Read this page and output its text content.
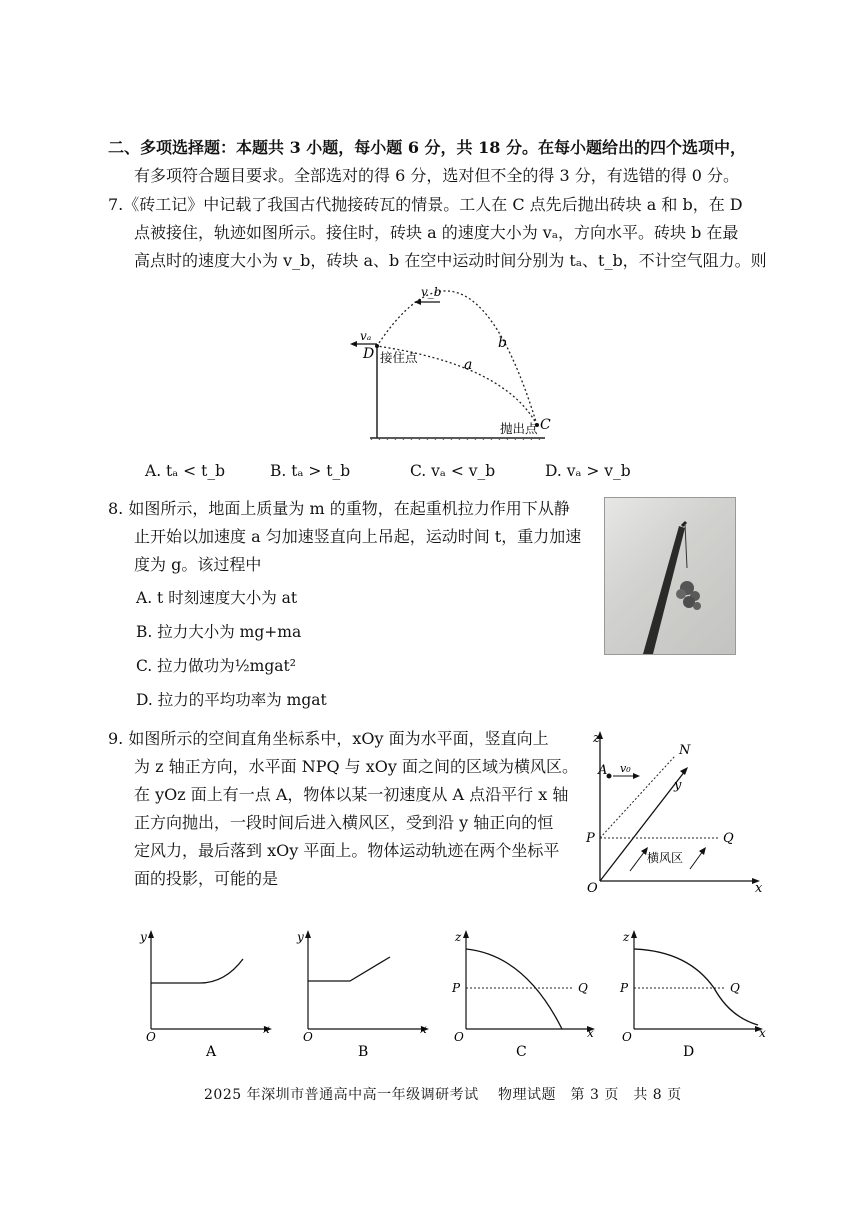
二、多项选择题：本题共 3 小题，每小题 6 分，共 18 分。在每小题给出的四个选项中，
有多项符合题目要求。全部选对的得 6 分，选对但不全的得 3 分，有选错的得 0 分。
7.《砖工记》中记载了我国古代抛接砖瓦的情景。工人在 C 点先后抛出砖块 a 和 b，在 D
点被接住，轨迹如图所示。接住时，砖块 a 的速度大小为 vₐ，方向水平。砖块 b 在最
高点时的速度大小为 v_b，砖块 a、b 在空中运动时间分别为 tₐ、t_b，不计空气阻力。则
v_b
vₐ
D 接住点	a
b
抛出点 C
A. tₐ < t_b	B. tₐ > t_b	C. vₐ < v_b	D. vₐ > v_b
8. 如图所示，地面上质量为 m 的重物，在起重机拉力作用下从静
止开始以加速度 a 匀加速竖直向上吊起，运动时间 t，重力加速
度为 g。该过程中
A. t 时刻速度大小为 at
B. 拉力大小为 mg+ma
C. 拉力做功为½mgat²
D. 拉力的平均功率为 mgat
9. 如图所示的空间直角坐标系中，xOy 面为水平面，竖直向上
为 z 轴正方向，水平面 NPQ 与 xOy 面之间的区域为横风区。
在 yOz 面上有一点 A，物体以某一初速度从 A 点沿平行 x 轴
正方向抛出，一段时间后进入横风区，受到沿 y 轴正向的恒
定风力，最后落到 xOy 平面上。物体运动轨迹在两个坐标平
面的投影，可能的是
z
N
A v₀
y
P	Q
横风区
O	x
y
x
O
A
y
x
O
B
z
P	Q
x
O
C
z
P	Q
x
O
D
2025 年深圳市普通高中高一年级调研考试　 物理试题　第 3 页　共 8 页
